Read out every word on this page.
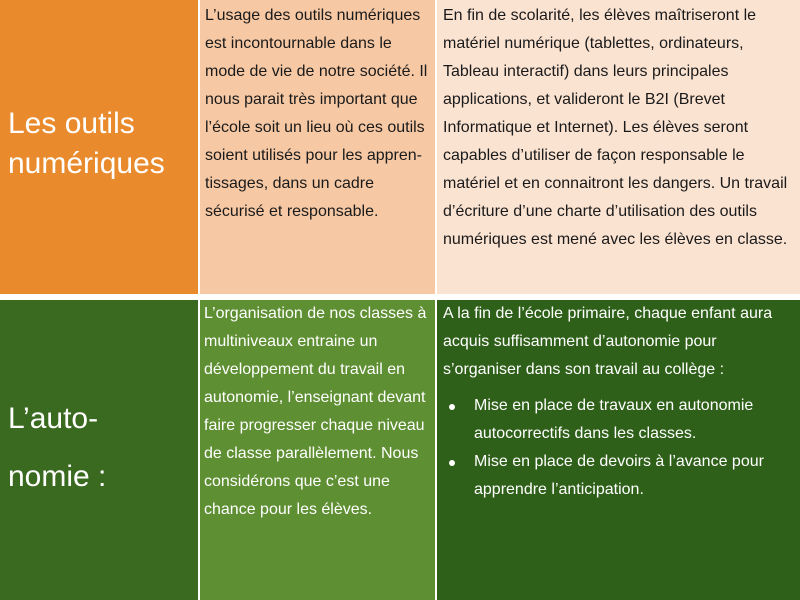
Les outils
numériques
L’usage des outils numériques est incontournable dans le mode de vie de notre société. Il nous parait très important que l’école soit un lieu où ces outils soient utilisés pour les appren-tissages, dans un cadre sécurisé et responsable.
En fin de scolarité, les élèves maîtriseront le matériel numérique (tablettes, ordinateurs, Tableau interactif) dans leurs principales applications, et valideront le B2I (Brevet Informatique et Internet). Les élèves seront capables d’utiliser de façon responsable le matériel et en connaitront les dangers. Un travail d’écriture d’une charte d’utilisation des outils numériques est mené avec les élèves en classe.
L’auto-
nomie :
L’organisation de nos classes à multiniveaux entraine un développement du travail en autonomie, l’enseignant devant faire progresser chaque niveau de classe parallèlement. Nous considérons que c’est une chance pour les élèves.

A la fin de l’école primaire, chaque enfant aura acquis suffisamment d’autonomie pour s’organiser dans son travail au collège :

Mise en place de travaux en autonomie autocorrectifs dans les classes.
Mise en place de devoirs à l’avance pour apprendre l’anticipation.
